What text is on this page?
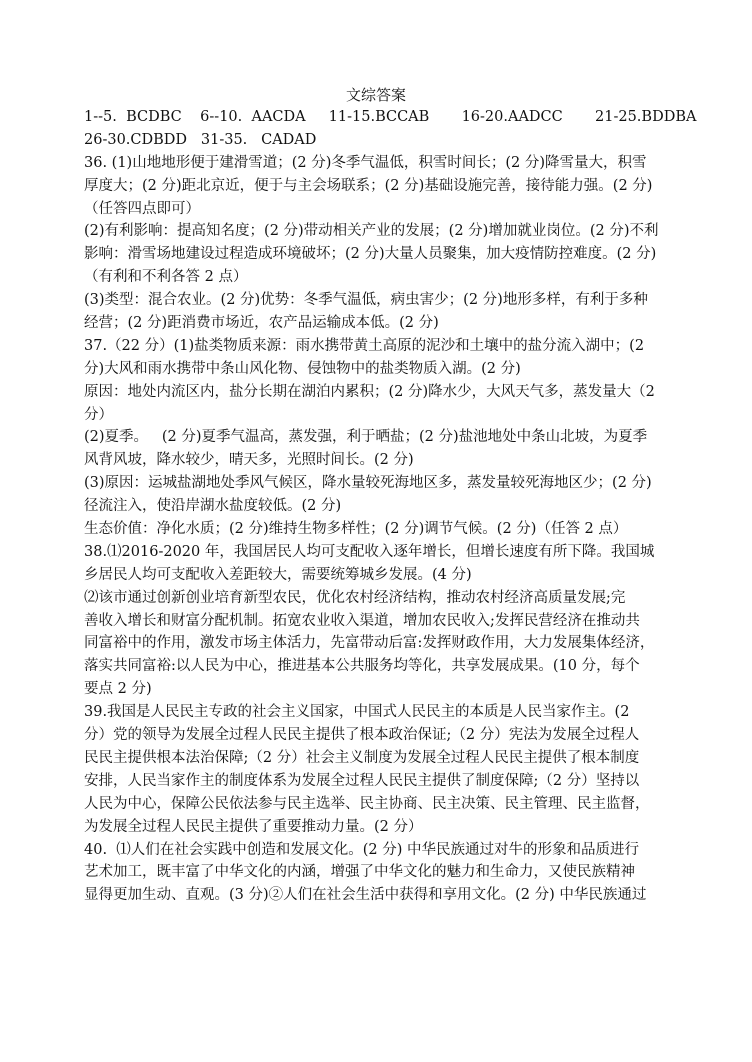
文综答案
1--5.  BCDBC    6--10.  AACDA     11-15.BCCAB       16-20.AADCC       21-25.BDDBA
26-30.CDBDD   31-35.   CADAD
36. (1)山地地形便于建滑雪道；(2 分)冬季气温低，积雪时间长；(2 分)降雪量大，积雪
厚度大；(2 分)距北京近，便于与主会场联系；(2 分)基础设施完善，接待能力强。(2 分)
（任答四点即可）
(2)有利影响：提高知名度；(2 分)带动相关产业的发展；(2 分)增加就业岗位。(2 分)不利
影响：滑雪场地建设过程造成环境破坏；(2 分)大量人员聚集，加大疫情防控难度。(2 分)
（有利和不利各答 2 点）
(3)类型：混合农业。(2 分)优势：冬季气温低，病虫害少；(2 分)地形多样，有利于多种
经营；(2 分)距消费市场近，农产品运输成本低。(2 分)
37.（22 分）(1)盐类物质来源：雨水携带黄土高原的泥沙和土壤中的盐分流入湖中；(2
分)大风和雨水携带中条山风化物、侵蚀物中的盐类物质入湖。(2 分)
原因：地处内流区内，盐分长期在湖泊内累积；(2 分)降水少，大风天气多，蒸发量大（2
分）
(2)夏季。   (2 分)夏季气温高，蒸发强，利于晒盐；(2 分)盐池地处中条山北坡，为夏季
风背风坡，降水较少，晴天多，光照时间长。(2 分)
(3)原因：运城盐湖地处季风气候区，降水量较死海地区多，蒸发量较死海地区少；(2 分)
径流注入，使沿岸湖水盐度较低。(2 分)
生态价值：净化水质；(2 分)维持生物多样性；(2 分)调节气候。(2 分)（任答 2 点）
38.⑴2016-2020 年，我国居民人均可支配收入逐年增长，但增长速度有所下降。我国城
乡居民人均可支配收入差距较大，需要统筹城乡发展。(4 分)
⑵该市通过创新创业培育新型农民，优化农村经济结构，推动农村经济高质量发展;完
善收入增长和财富分配机制。拓宽农业收入渠道，增加农民收入;发挥民营经济在推动共
同富裕中的作用，激发市场主体活力，先富带动后富:发挥财政作用，大力发展集体经济，
落实共同富裕:以人民为中心，推进基本公共服务均等化，共享发展成果。(10 分，每个
要点 2 分)
39.我国是人民民主专政的社会主义国家，中国式人民民主的本质是人民当家作主。(2
分）党的领导为发展全过程人民民主提供了根本政治保证;（2 分）宪法为发展全过程人
民民主提供根本法治保障;（2 分）社会主义制度为发展全过程人民民主提供了根本制度
安排，人民当家作主的制度体系为发展全过程人民民主提供了制度保障;（2 分）坚持以
人民为中心，保障公民依法参与民主选举、民主协商、民主决策、民主管理、民主监督，
为发展全过程人民民主提供了重要推动力量。(2 分）
40.  ⑴人们在社会实践中创造和发展文化。(2 分) 中华民族通过对牛的形象和品质进行
艺术加工，既丰富了中华文化的内涵，增强了中华文化的魅力和生命力，又使民族精神
显得更加生动、直观。(3 分)②人们在社会生活中获得和享用文化。(2 分) 中华民族通过
